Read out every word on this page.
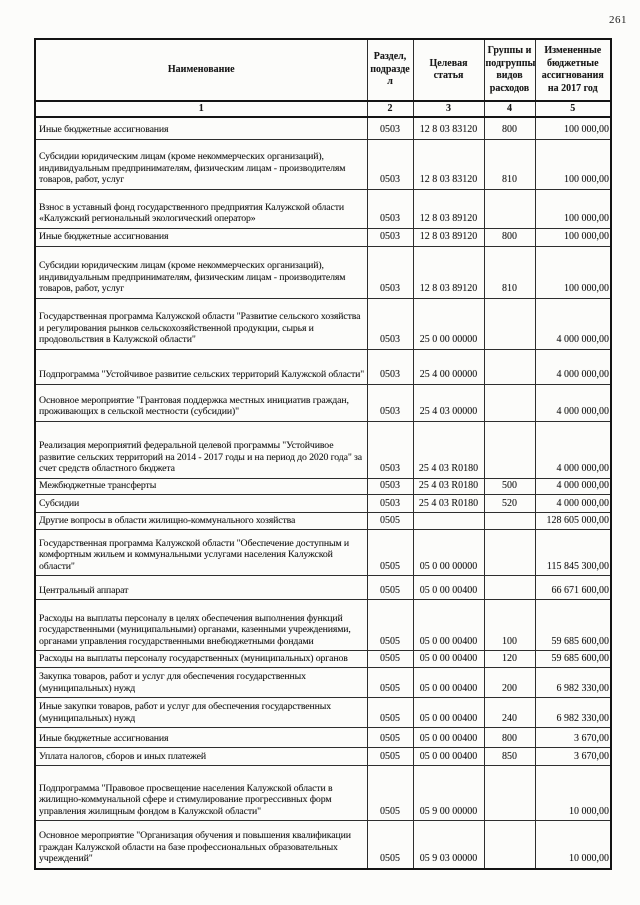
261
Наименование	Раздел, подраздел	Целевая статья	Группы и подгруппы видов расходов	Измененные бюджетные ассигнования на 2017 год
1	2	3	4	5
Иные бюджетные ассигнования	0503	12 8 03 83120	800	100 000,00
Субсидии юридическим лицам (кроме некоммерческих организаций), индивидуальным предпринимателям, физическим лицам - производителям товаров, работ, услуг	0503	12 8 03 83120	810	100 000,00
Взнос в уставный фонд государственного предприятия Калужской области «Калужский региональный экологический оператор»	0503	12 8 03 89120		100 000,00
Иные бюджетные ассигнования	0503	12 8 03 89120	800	100 000,00
Субсидии юридическим лицам (кроме некоммерческих организаций), индивидуальным предпринимателям, физическим лицам - производителям товаров, работ, услуг	0503	12 8 03 89120	810	100 000,00
Государственная программа Калужской области "Развитие сельского хозяйства и регулирования рынков сельскохозяйственной продукции, сырья и продовольствия в Калужской области"	0503	25 0 00 00000		4 000 000,00
Подпрограмма "Устойчивое развитие сельских территорий Калужской области"	0503	25 4 00 00000		4 000 000,00
Основное мероприятие "Грантовая поддержка местных инициатив граждан, проживающих в сельской местности (субсидии)"	0503	25 4 03 00000		4 000 000,00
Реализация мероприятий федеральной целевой программы "Устойчивое развитие сельских территорий на 2014 - 2017 годы и на период до 2020 года" за счет средств областного бюджета	0503	25 4 03 R0180		4 000 000,00
Межбюджетные трансферты	0503	25 4 03 R0180	500	4 000 000,00
Субсидии	0503	25 4 03 R0180	520	4 000 000,00
Другие вопросы в области жилищно-коммунального хозяйства	0505			128 605 000,00
Государственная программа Калужской области "Обеспечение доступным и комфортным жильем и коммунальными услугами населения Калужской области"	0505	05 0 00 00000		115 845 300,00
Центральный аппарат	0505	05 0 00 00400		66 671 600,00
Расходы на выплаты персоналу в целях обеспечения выполнения функций государственными (муниципальными) органами, казенными учреждениями, органами управления государственными внебюджетными фондами	0505	05 0 00 00400	100	59 685 600,00
Расходы на выплаты персоналу государственных (муниципальных) органов	0505	05 0 00 00400	120	59 685 600,00
Закупка товаров, работ и услуг для обеспечения государственных (муниципальных) нужд	0505	05 0 00 00400	200	6 982 330,00
Иные закупки товаров, работ и услуг для обеспечения государственных (муниципальных) нужд	0505	05 0 00 00400	240	6 982 330,00
Иные бюджетные ассигнования	0505	05 0 00 00400	800	3 670,00
Уплата налогов, сборов и иных платежей	0505	05 0 00 00400	850	3 670,00
Подпрограмма "Правовое просвещение населения Калужской области в жилищно-коммунальной сфере и стимулирование прогрессивных форм управления жилищным фондом в Калужской области"	0505	05 9 00 00000		10 000,00
Основное мероприятие "Организация обучения и повышения квалификации граждан Калужской области на базе профессиональных образовательных учреждений"	0505	05 9 03 00000		10 000,00
